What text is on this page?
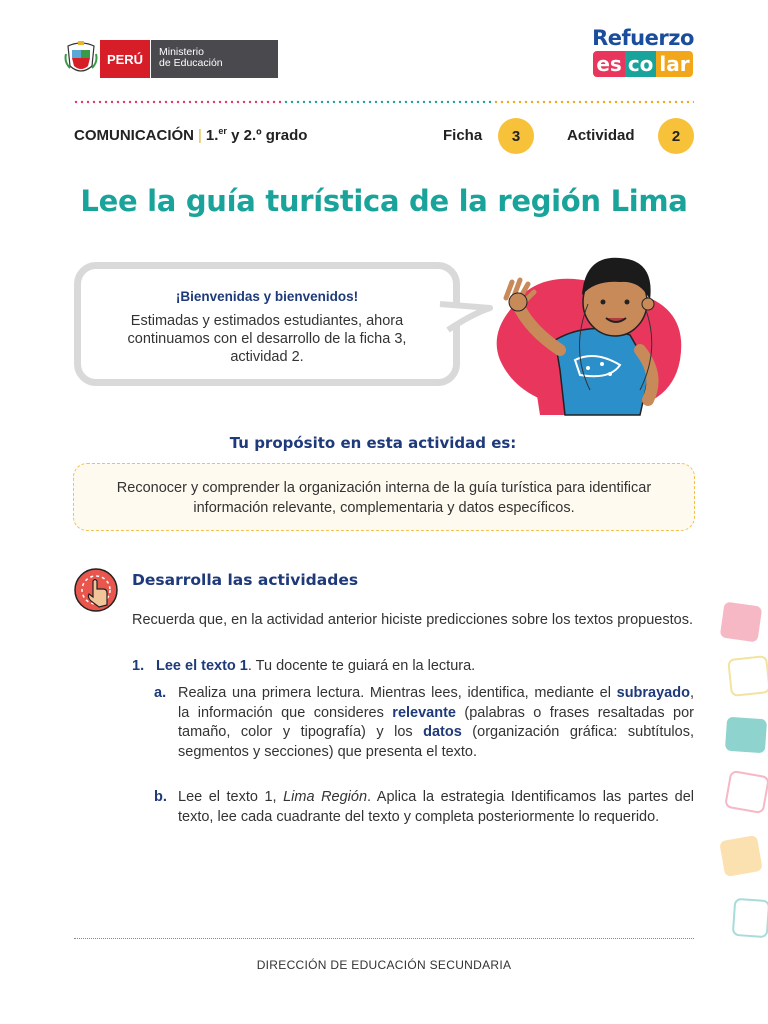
PERÚ	Ministerio
de Educación
Refuerzo
es co lar
COMUNICACIÓN | 1.$^{er}$ y 2.º grado	Ficha	3	Actividad	2
Lee la guía turística de la región Lima
¡Bienvenidas y bienvenidos!
Estimadas y estimados estudiantes, ahora continuamos con el desarrollo de la ficha 3, actividad 2.
Tu propósito en esta actividad es:
Reconocer y comprender la organización interna de la guía turística para identificar información relevante, complementaria y datos específicos.
Desarrolla las actividades
Recuerda que, en la actividad anterior hiciste predicciones sobre los textos propuestos.
1. Lee el texto 1. Tu docente te guiará en la lectura.
a. Realiza una primera lectura. Mientras lees, identifica, mediante el subrayado, la información que consideres relevante (palabras o frases resaltadas por tamaño, color y tipografía) y los datos (organización gráfica: subtítulos, segmentos y secciones) que presenta el texto.
b. Lee el texto 1, Lima Región. Aplica la estrategia Identificamos las partes del texto, lee cada cuadrante del texto y completa posteriormente lo requerido.
DIRECCIÓN DE EDUCACIÓN SECUNDARIA
